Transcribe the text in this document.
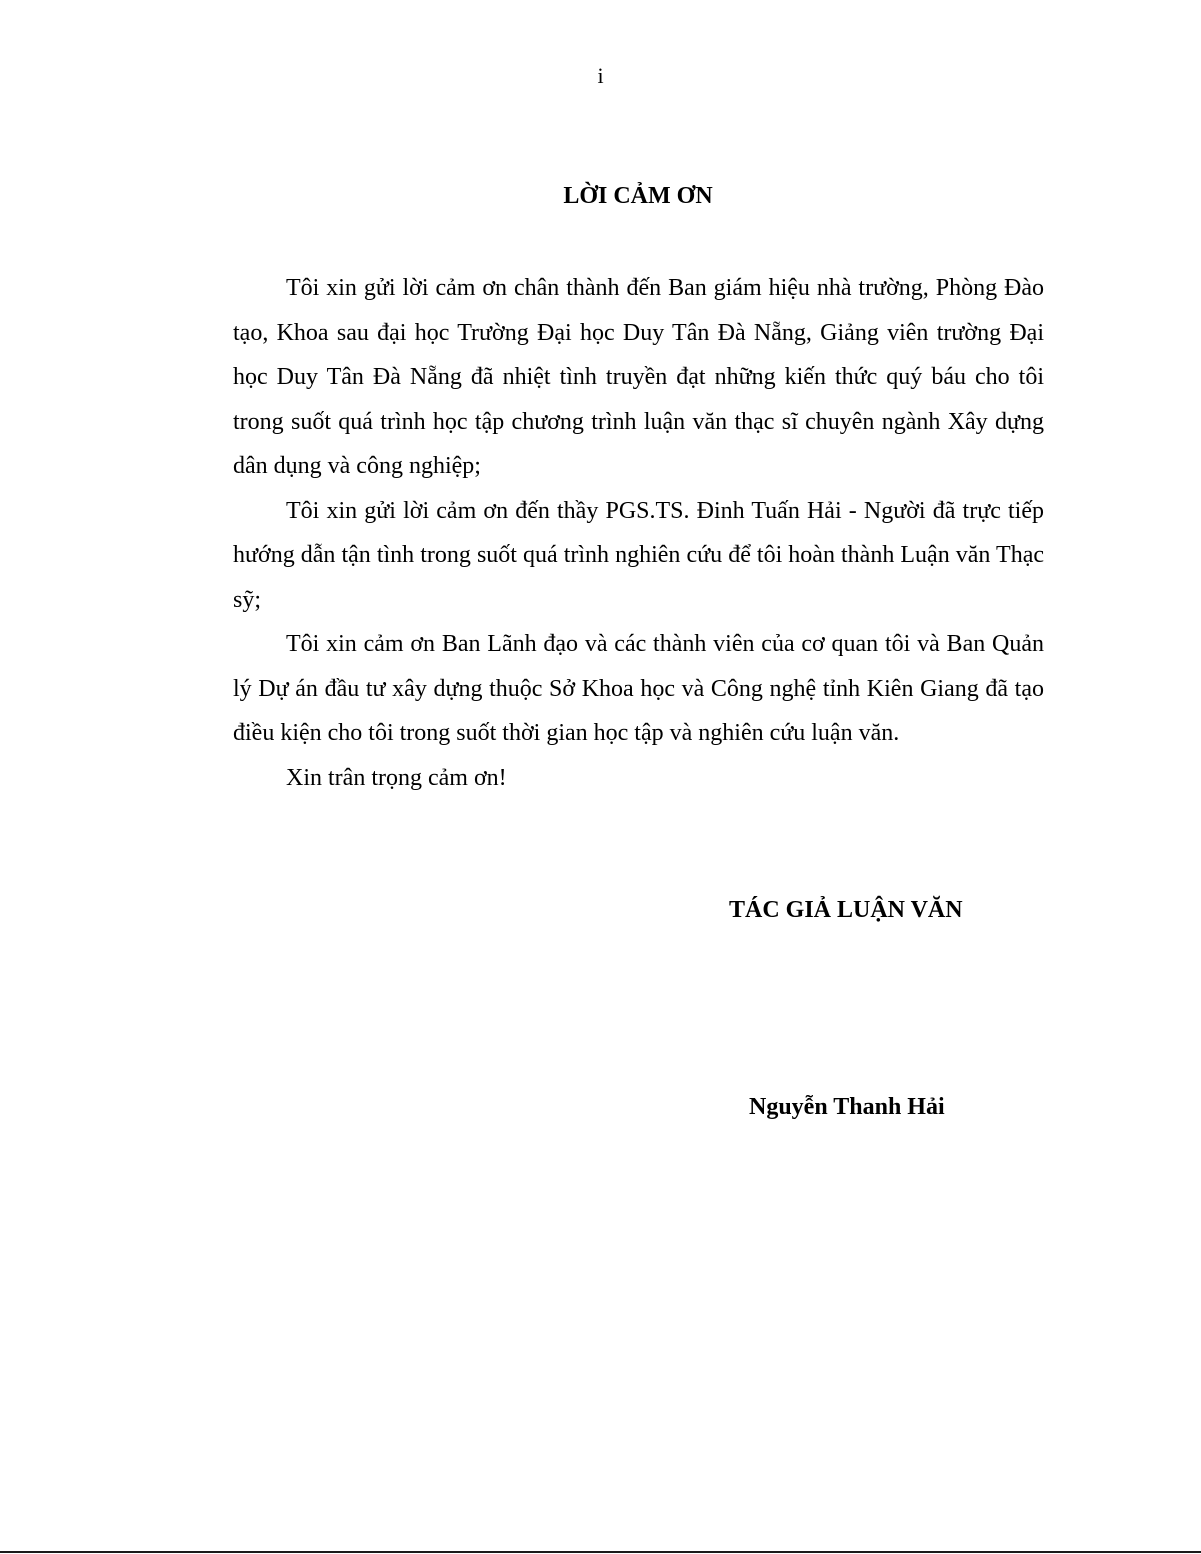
i
LỜI CẢM ƠN

Tôi xin gửi lời cảm ơn chân thành đến Ban giám hiệu nhà trường, Phòng Đào tạo, Khoa sau đại học Trường Đại học Duy Tân Đà Nẵng, Giảng viên trường Đại học Duy Tân Đà Nẵng đã nhiệt tình truyền đạt những kiến thức quý báu cho tôi trong suốt quá trình học tập chương trình luận văn thạc sĩ chuyên ngành Xây dựng dân dụng và công nghiệp;

Tôi xin gửi lời cảm ơn đến thầy PGS.TS. Đinh Tuấn Hải - Người đã trực tiếp hướng dẫn tận tình trong suốt quá trình nghiên cứu để tôi hoàn thành Luận văn Thạc sỹ;

Tôi xin cảm ơn Ban Lãnh đạo và các thành viên của cơ quan tôi và Ban Quản lý Dự án đầu tư xây dựng thuộc Sở Khoa học và Công nghệ tỉnh Kiên Giang đã tạo điều kiện cho tôi trong suốt thời gian học tập và nghiên cứu luận văn.

Xin trân trọng cảm ơn!

TÁC GIẢ LUẬN VĂN
Nguyễn Thanh Hải
